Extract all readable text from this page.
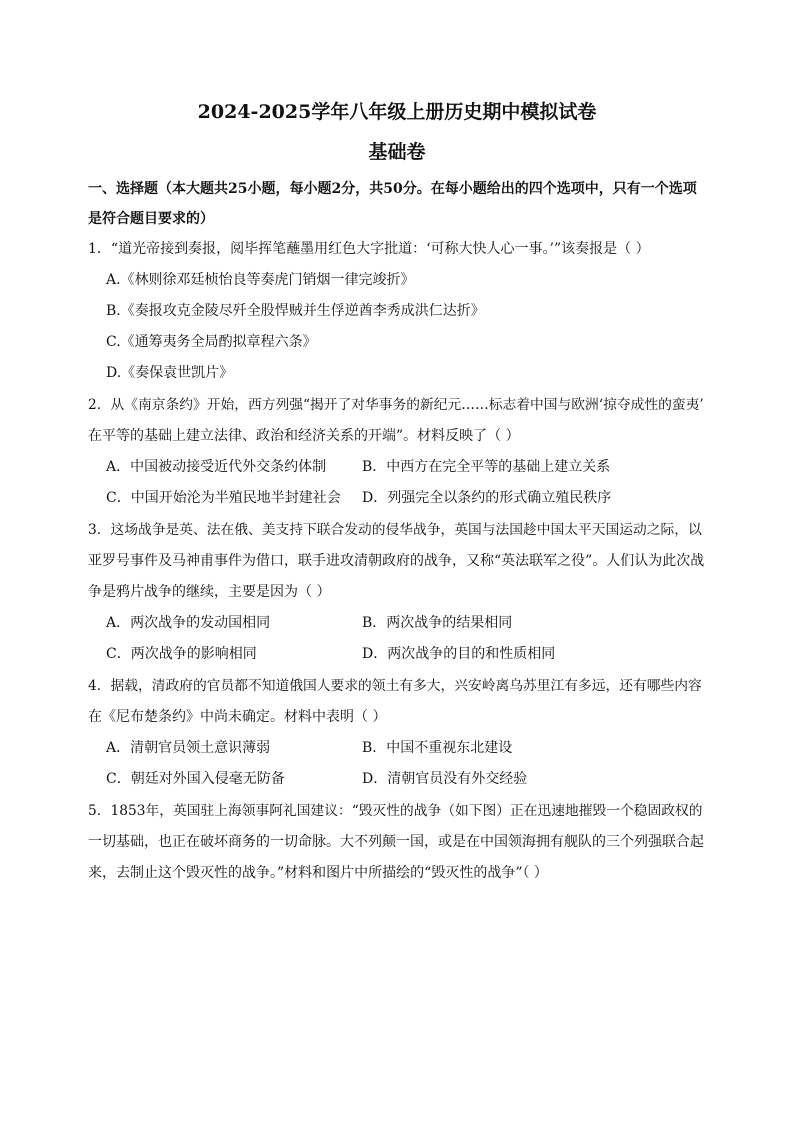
2024-2025学年八年级上册历史期中模拟试卷
基础卷
一、选择题（本大题共25小题，每小题2分，共50分。在每小题给出的四个选项中，只有一个选项
是符合题目要求的）
1．“道光帝接到奏报，阅毕挥笔蘸墨用红色大字批道：‘可称大快人心一事。’”该奏报是（ ）
A.《林则徐邓廷桢怡良等奏虎门销烟一律完竣折》
B.《奏报攻克金陵尽歼全股悍贼并生俘逆酋李秀成洪仁达折》
C.《通筹夷务全局酌拟章程六条》
D.《奏保袁世凯片》
2．从《南京条约》开始，西方列强“揭开了对华事务的新纪元……标志着中国与欧洲‘掠夺成性的蛮夷’
在平等的基础上建立法律、政治和经济关系的开端”。材料反映了（ ）
A．中国被动接受近代外交条约体制	B．中西方在完全平等的基础上建立关系
C．中国开始沦为半殖民地半封建社会 D．列强完全以条约的形式确立殖民秩序
3．这场战争是英、法在俄、美支持下联合发动的侵华战争，英国与法国趁中国太平天国运动之际，以
亚罗号事件及马神甫事件为借口，联手进攻清朝政府的战争，又称“英法联军之役”。人们认为此次战
争是鸦片战争的继续，主要是因为（ ）
A．两次战争的发动国相同	B．两次战争的结果相同
C．两次战争的影响相同	D．两次战争的目的和性质相同
4．据载，清政府的官员都不知道俄国人要求的领土有多大，兴安岭离乌苏里江有多远，还有哪些内容
在《尼布楚条约》中尚未确定。材料中表明（ ）
A．清朝官员领土意识薄弱	B．中国不重视东北建设
C．朝廷对外国入侵毫无防备	D．清朝官员没有外交经验
5．1853年，英国驻上海领事阿礼国建议：“毁灭性的战争（如下图）正在迅速地摧毁一个稳固政权的
一切基础，也正在破坏商务的一切命脉。大不列颠一国，或是在中国领海拥有舰队的三个列强联合起
来，去制止这个毁灭性的战争。”材料和图片中所描绘的“毁灭性的战争”（ ）
